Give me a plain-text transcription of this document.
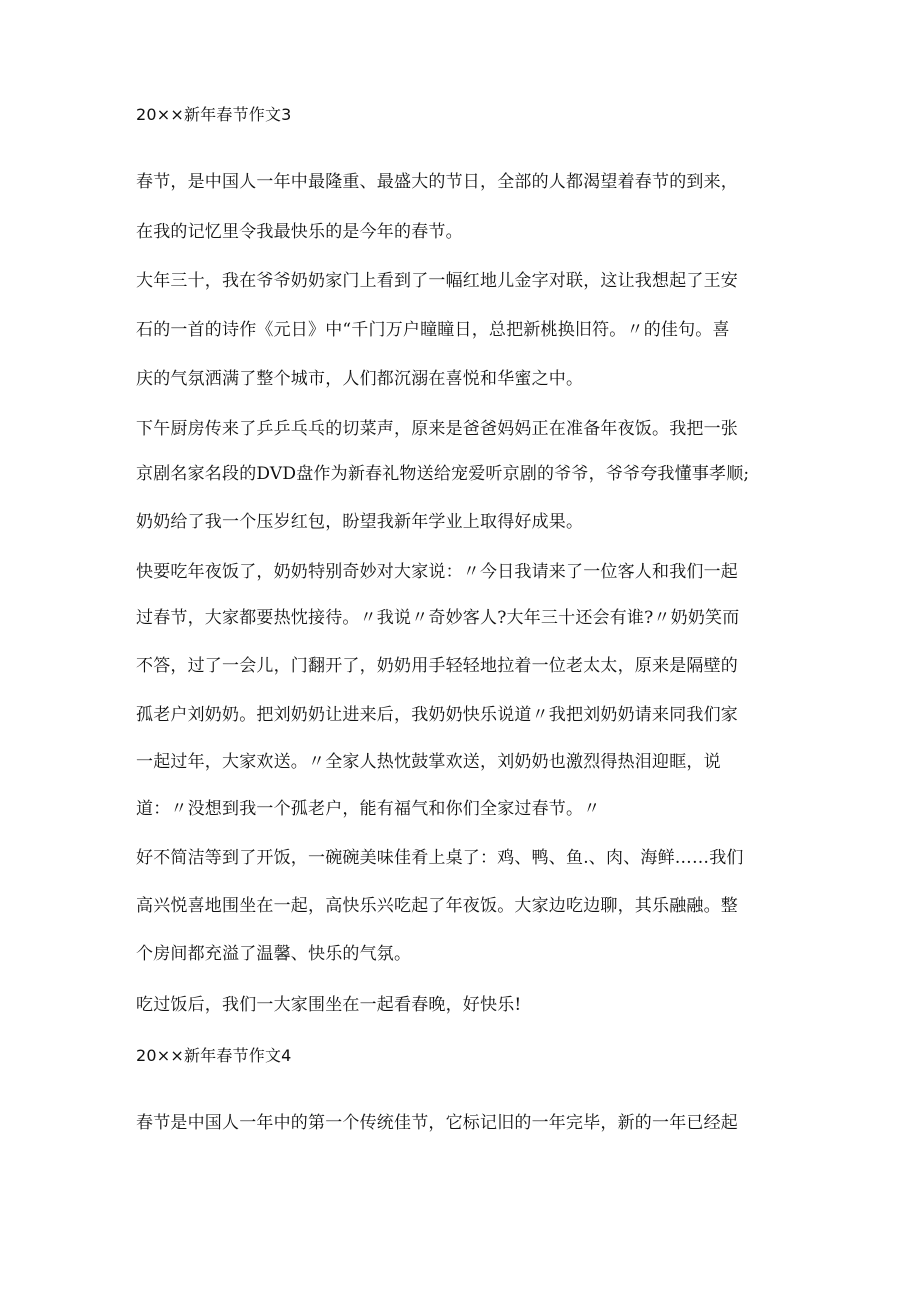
20××新年春节作文3
春节，是中国人一年中最隆重、最盛大的节日，全部的人都渴望着春节的到来，
在我的记忆里令我最快乐的是今年的春节。
大年三十，我在爷爷奶奶家门上看到了一幅红地儿金字对联，这让我想起了王安
石的一首的诗作《元日》中“千门万户瞳瞳日，总把新桃换旧符。〃的佳句。喜
庆的气氛洒满了整个城市，人们都沉溺在喜悦和华蜜之中。
下午厨房传来了乒乒乓乓的切菜声，原来是爸爸妈妈正在准备年夜饭。我把一张
京剧名家名段的DVD盘作为新春礼物送给宠爱听京剧的爷爷，爷爷夸我懂事孝顺;
奶奶给了我一个压岁红包，盼望我新年学业上取得好成果。
快要吃年夜饭了，奶奶特别奇妙对大家说：〃今日我请来了一位客人和我们一起
过春节，大家都要热忱接待。〃我说〃奇妙客人?大年三十还会有谁?〃奶奶笑而
不答，过了一会儿，门翻开了，奶奶用手轻轻地拉着一位老太太，原来是隔壁的
孤老户刘奶奶。把刘奶奶让进来后，我奶奶快乐说道〃我把刘奶奶请来同我们家
一起过年，大家欢送。〃全家人热忱鼓掌欢送，刘奶奶也激烈得热泪迎眶，说
道：〃没想到我一个孤老户，能有福气和你们全家过春节。〃
好不简洁等到了开饭，一碗碗美味佳肴上桌了：鸡、鸭、鱼.、肉、海鲜……我们
高兴悦喜地围坐在一起，高快乐兴吃起了年夜饭。大家边吃边聊，其乐融融。整
个房间都充溢了温馨、快乐的气氛。
吃过饭后，我们一大家围坐在一起看春晚，好快乐!
20××新年春节作文4
春节是中国人一年中的第一个传统佳节，它标记旧的一年完毕，新的一年已经起
